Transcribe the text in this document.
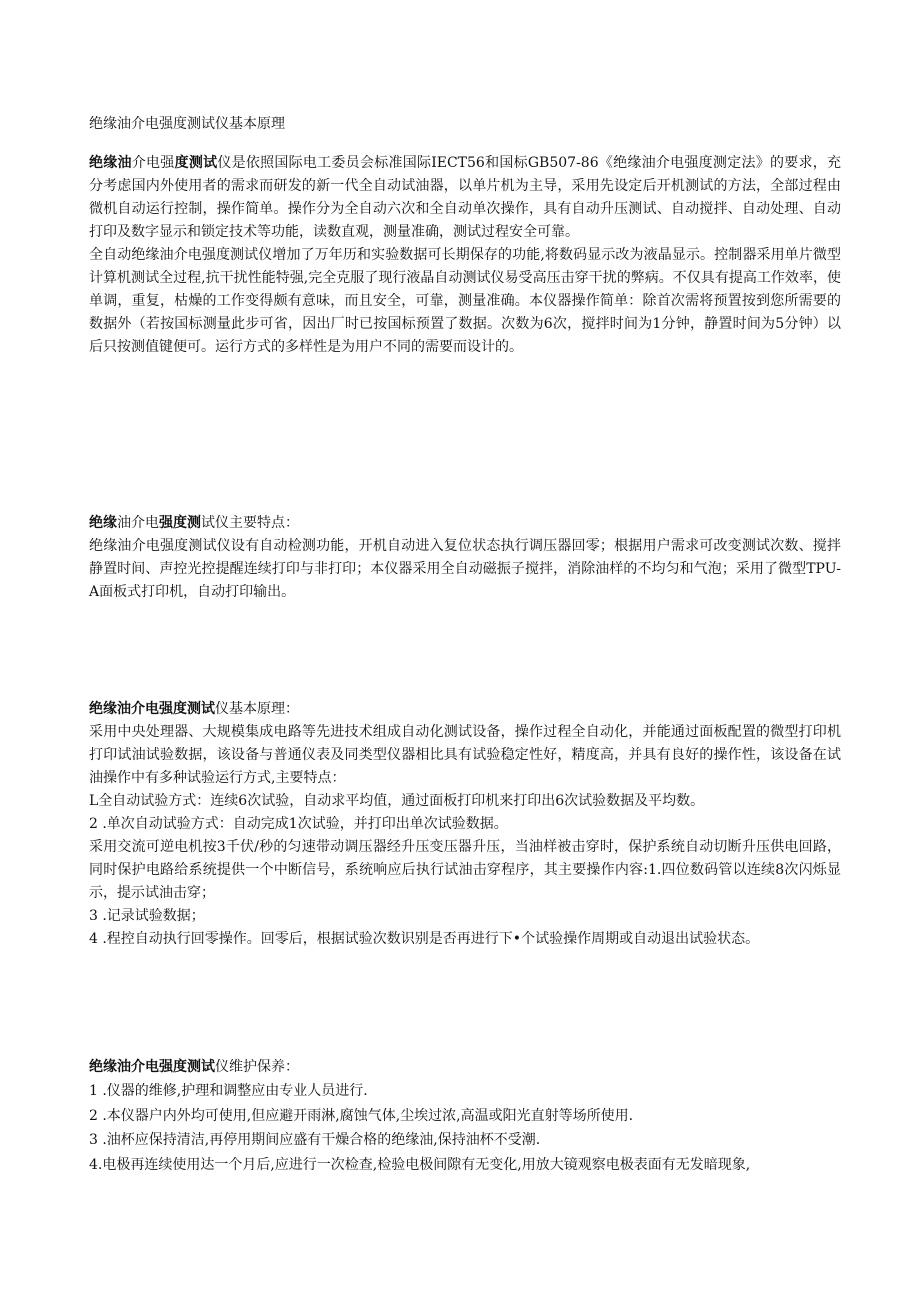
绝缘油介电强度测试仪基本原理

绝缘油介电强度测试仪是依照国际电工委员会标准国际IECT56和国标GB507-86《绝缘油介电强度测定法》的要求，充分考虑国内外使用者的需求而研发的新一代全自动试油器，以单片机为主导，采用先设定后开机测试的方法，全部过程由微机自动运行控制，操作简单。操作分为全自动六次和全自动单次操作，具有自动升压测试、自动搅拌、自动处理、自动打印及数字显示和锁定技术等功能，读数直观，测量准确，测试过程安全可靠。

全自动绝缘油介电强度测试仪增加了万年历和实验数据可长期保存的功能,将数码显示改为液晶显示。控制器采用单片微型计算机测试全过程,抗干扰性能特强,完全克服了现行液晶自动测试仪易受高压击穿干扰的弊病。不仅具有提高工作效率，使单调，重复，枯燥的工作变得颇有意味，而且安全，可靠，测量准确。本仪器操作简单：除首次需将预置按到您所需要的数据外（若按国标测量此步可省，因出厂时已按国标预置了数据。次数为6次，搅拌时间为1分钟，静置时间为5分钟）以后只按测值键便可。运行方式的多样性是为用户不同的需要而设计的。

绝缘油介电强度测试仪主要特点：

绝缘油介电强度测试仪设有自动检测功能，开机自动进入复位状态执行调压器回零；根据用户需求可改变测试次数、搅拌静置时间、声控光控提醒连续打印与非打印；本仪器采用全自动磁振子搅拌，消除油样的不均匀和气泡；采用了微型TPU-A面板式打印机，自动打印输出。

绝缘油介电强度测试仪基本原理：

采用中央处理器、大规模集成电路等先进技术组成自动化测试设备，操作过程全自动化，并能通过面板配置的微型打印机打印试油试验数据，该设备与普通仪表及同类型仪器相比具有试验稳定性好，精度高，并具有良好的操作性，该设备在试油操作中有多种试验运行方式,主要特点：

L全自动试验方式：连续6次试验，自动求平均值，通过面板打印机来打印出6次试验数据及平均数。

2 .单次自动试验方式：自动完成1次试验，并打印出单次试验数据。

采用交流可逆电机按3千伏/秒的匀速带动调压器经升压变压器升压，当油样被击穿时，保护系统自动切断升压供电回路，同时保护电路给系统提供一个中断信号，系统响应后执行试油击穿程序，其主要操作内容:1.四位数码管以连续8次闪烁显示，提示试油击穿；

3 .记录试验数据；

4 .程控自动执行回零操作。回零后，根据试验次数识别是否再进行下•个试验操作周期或自动退出试验状态。

绝缘油介电强度测试仪维护保养：

1 .仪器的维修,护理和调整应由专业人员进行.

2 .本仪器户内外均可使用,但应避开雨淋,腐蚀气体,尘埃过浓,高温或阳光直射等场所使用.

3 .油杯应保持清洁,再停用期间应盛有干燥合格的绝缘油,保持油杯不受潮.

4.电极再连续使用达一个月后,应进行一次检查,检验电极间隙有无变化,用放大镜观察电极表面有无发暗现象,
